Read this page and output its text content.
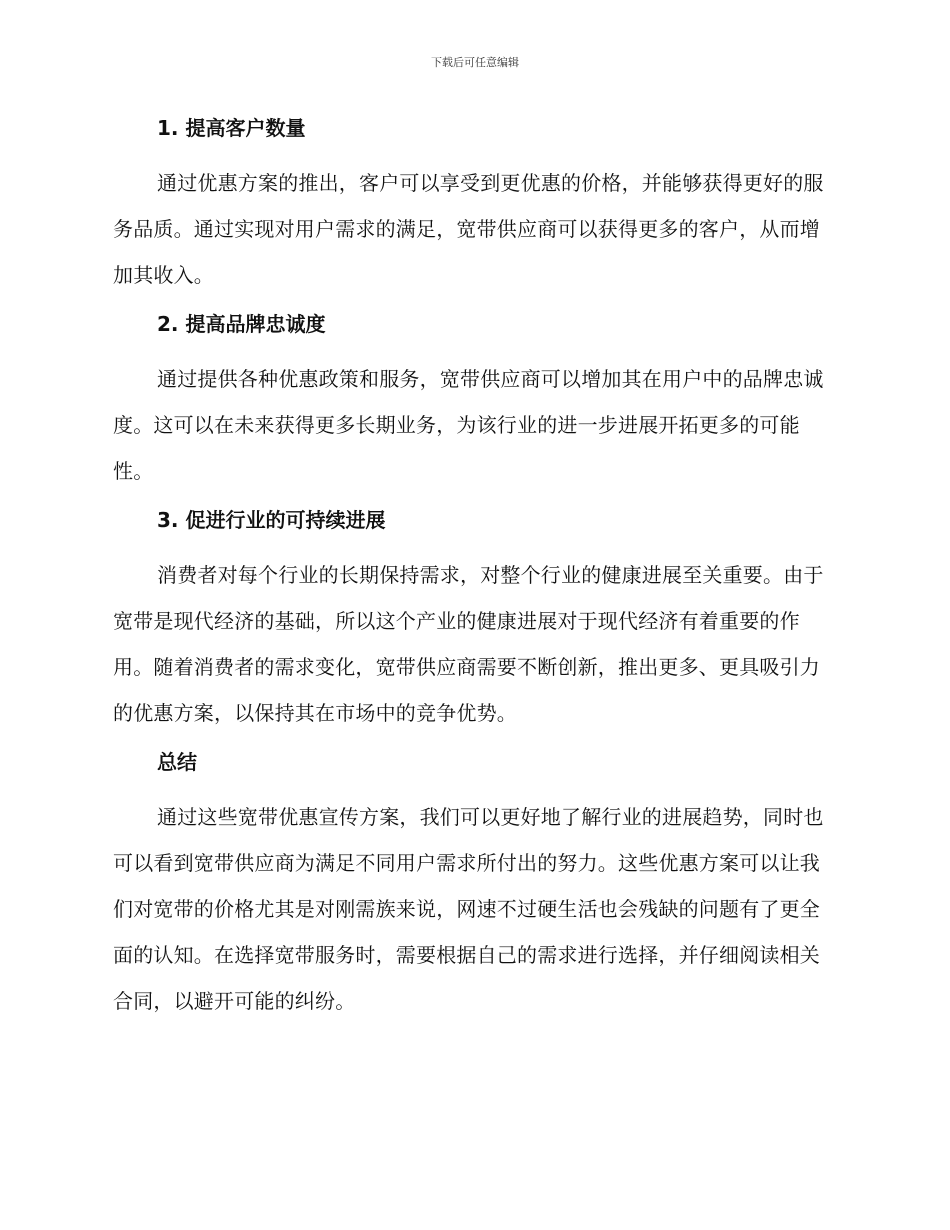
下载后可任意编辑
1. 提高客户数量

通过优惠方案的推出，客户可以享受到更优惠的价格，并能够获得更好的服务品质。通过实现对用户需求的满足，宽带供应商可以获得更多的客户，从而增加其收入。

2. 提高品牌忠诚度

通过提供各种优惠政策和服务，宽带供应商可以增加其在用户中的品牌忠诚度。这可以在未来获得更多长期业务，为该行业的进一步进展开拓更多的可能性。

3. 促进行业的可持续进展

消费者对每个行业的长期保持需求，对整个行业的健康进展至关重要。由于宽带是现代经济的基础，所以这个产业的健康进展对于现代经济有着重要的作用。随着消费者的需求变化，宽带供应商需要不断创新，推出更多、更具吸引力的优惠方案，以保持其在市场中的竞争优势。

总结

通过这些宽带优惠宣传方案，我们可以更好地了解行业的进展趋势，同时也可以看到宽带供应商为满足不同用户需求所付出的努力。这些优惠方案可以让我们对宽带的价格尤其是对刚需族来说，网速不过硬生活也会残缺的问题有了更全面的认知。在选择宽带服务时，需要根据自己的需求进行选择，并仔细阅读相关合同，以避开可能的纠纷。
